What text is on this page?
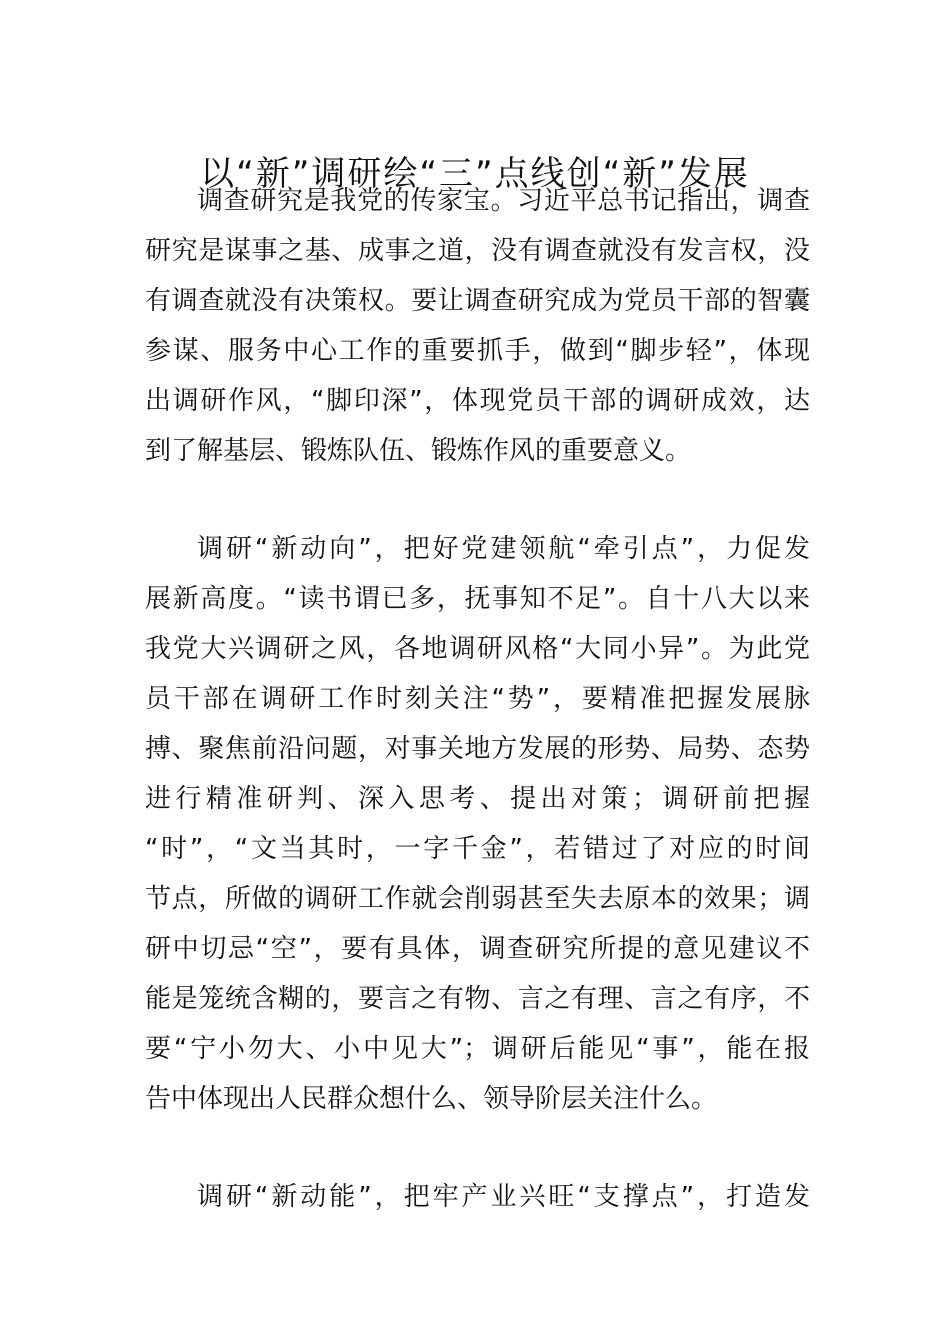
以“新”调研绘“三”点线创“新”发展
调查研究是我党的传家宝。习近平总书记指出，调查
研究是谋事之基、成事之道，没有调查就没有发言权，没
有调查就没有决策权。要让调查研究成为党员干部的智囊
参谋、服务中心工作的重要抓手，做到“脚步轻”，体现
出调研作风，“脚印深”，体现党员干部的调研成效，达
到了解基层、锻炼队伍、锻炼作风的重要意义。
调研“新动向”，把好党建领航“牵引点”，力促发
展新高度。“读书谓已多，抚事知不足”。自十八大以来
我党大兴调研之风，各地调研风格“大同小异”。为此党
员干部在调研工作时刻关注“势”，要精准把握发展脉
搏、聚焦前沿问题，对事关地方发展的形势、局势、态势
进行精准研判、深入思考、提出对策；调研前把握
“时”，“文当其时，一字千金”，若错过了对应的时间
节点，所做的调研工作就会削弱甚至失去原本的效果；调
研中切忌“空”，要有具体，调查研究所提的意见建议不
能是笼统含糊的，要言之有物、言之有理、言之有序，不
要“宁小勿大、小中见大”；调研后能见“事”，能在报
告中体现出人民群众想什么、领导阶层关注什么。
调研“新动能”，把牢产业兴旺“支撑点”，打造发
